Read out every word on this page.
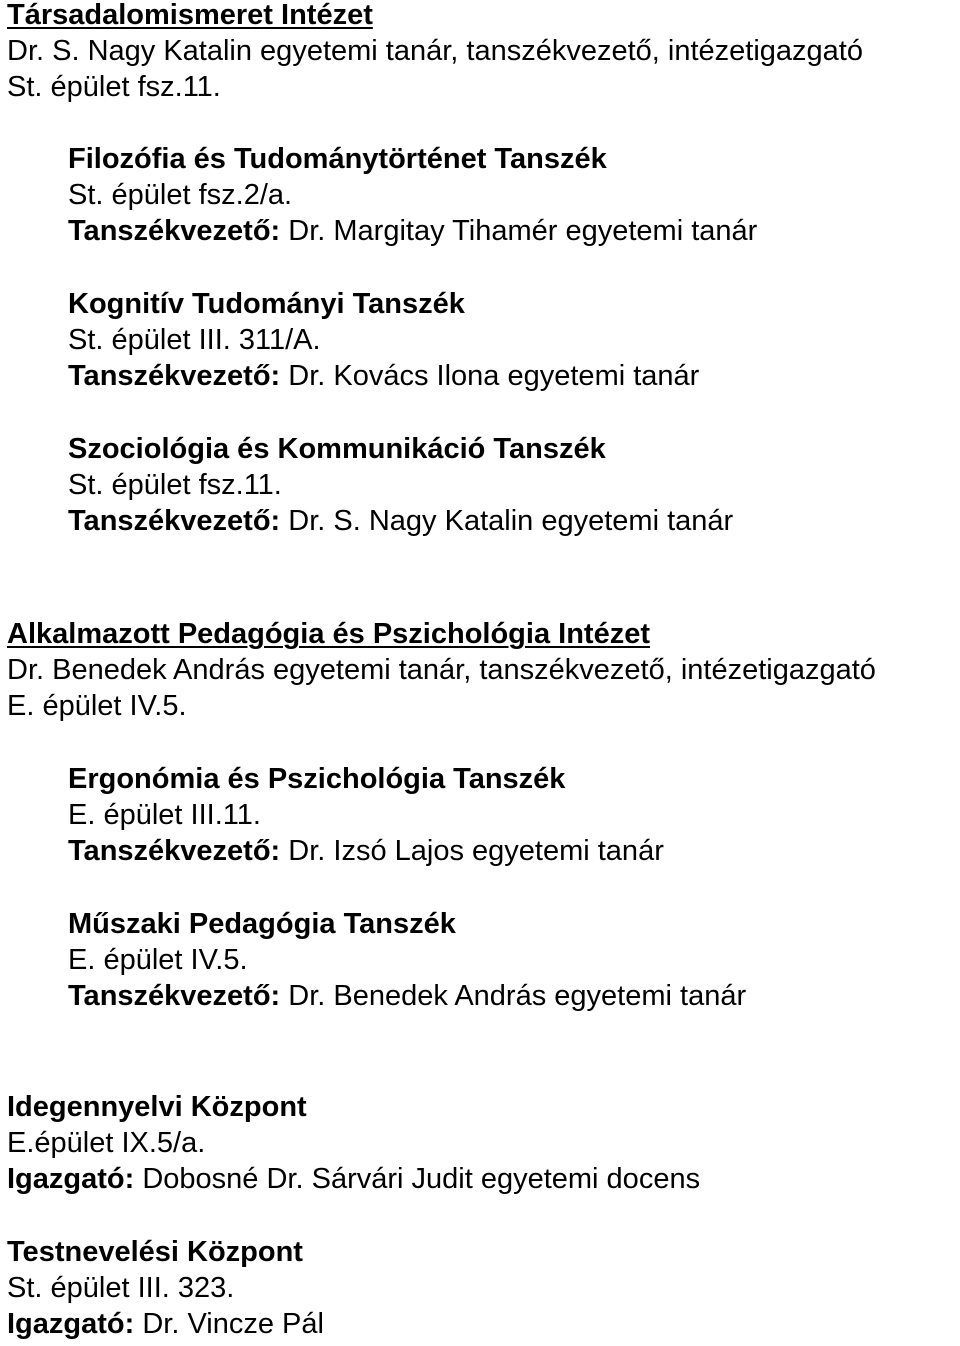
Társadalomismeret Intézet
Dr. S. Nagy Katalin egyetemi tanár, tanszékvezető, intézetigazgató
St. épület fsz.11.
Filozófia és Tudománytörténet Tanszék
St. épület fsz.2/a.
Tanszékvezető: Dr. Margitay Tihamér egyetemi tanár
Kognitív Tudományi Tanszék
St. épület III. 311/A.
Tanszékvezető: Dr. Kovács Ilona egyetemi tanár
Szociológia és Kommunikáció Tanszék
St. épület fsz.11.
Tanszékvezető: Dr. S. Nagy Katalin egyetemi tanár
Alkalmazott Pedagógia és Pszichológia Intézet
Dr. Benedek András egyetemi tanár, tanszékvezető, intézetigazgató
E. épület IV.5.
Ergonómia és Pszichológia Tanszék
E. épület III.11.
Tanszékvezető: Dr. Izsó Lajos egyetemi tanár
Műszaki Pedagógia Tanszék
E. épület IV.5.
Tanszékvezető: Dr. Benedek András egyetemi tanár
Idegennyelvi Központ
E.épület IX.5/a.
Igazgató: Dobosné Dr. Sárvári Judit egyetemi docens
Testnevelési Központ
St. épület III. 323.
Igazgató: Dr. Vincze Pál
